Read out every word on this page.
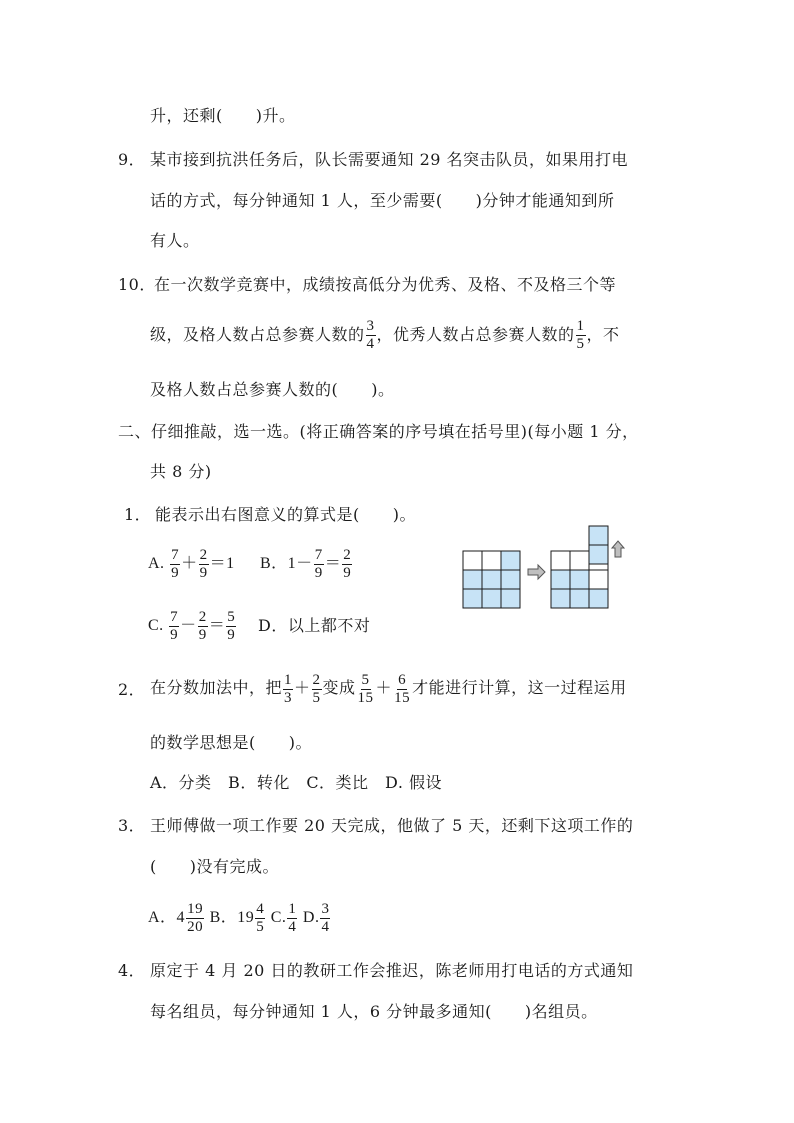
升，还剩(　　)升。
9． 某市接到抗洪任务后，队长需要通知 29 名突击队员，如果用打电
话的方式，每分钟通知 1 人，至少需要(　　)分钟才能通知到所
有人。
10．
在一次数学竞赛中，成绩按高低分为优秀、及格、不及格三个等
级，及格人数占总参赛人数的 $\frac{3}{4}$ ，优秀人数占总参赛人数的 $\frac{1}{5}$ ，不
及格人数占总参赛人数的(　　)。
二、仔细推敲，选一选。(将正确答案的序号填在括号里)(每小题 1 分，
共 8 分)
1． 能表示出右图意义的算式是(　　)。
A. $\frac{7}{9} + \frac{2}{9} =1$ B．$1- \frac{7}{9} = \frac{2}{9}$
C. $\frac{7}{9} - \frac{2}{9} = \frac{5}{9}$ D．以上都不对
2． 在分数加法中，把 $\frac{1}{3} + \frac{2}{5}$ 变成 $\frac{5}{15} + \frac{6}{15}$ 才能进行计算，这一过程运用
的数学思想是(　　)。
A．分类　B．转化　C．类比　D. 假设
3． 王师傅做一项工作要 20 天完成，他做了 5 天，还剩下这项工作的
(　　)没有完成。
A．$4 \frac{19}{20}$ B．$19 \frac{4}{5} C$. $\frac{1}{4} D$. $\frac{3}{4}$
4． 原定于 4 月 20 日的教研工作会推迟，陈老师用打电话的方式通知
每名组员，每分钟通知 1 人，6 分钟最多通知(　　)名组员。
